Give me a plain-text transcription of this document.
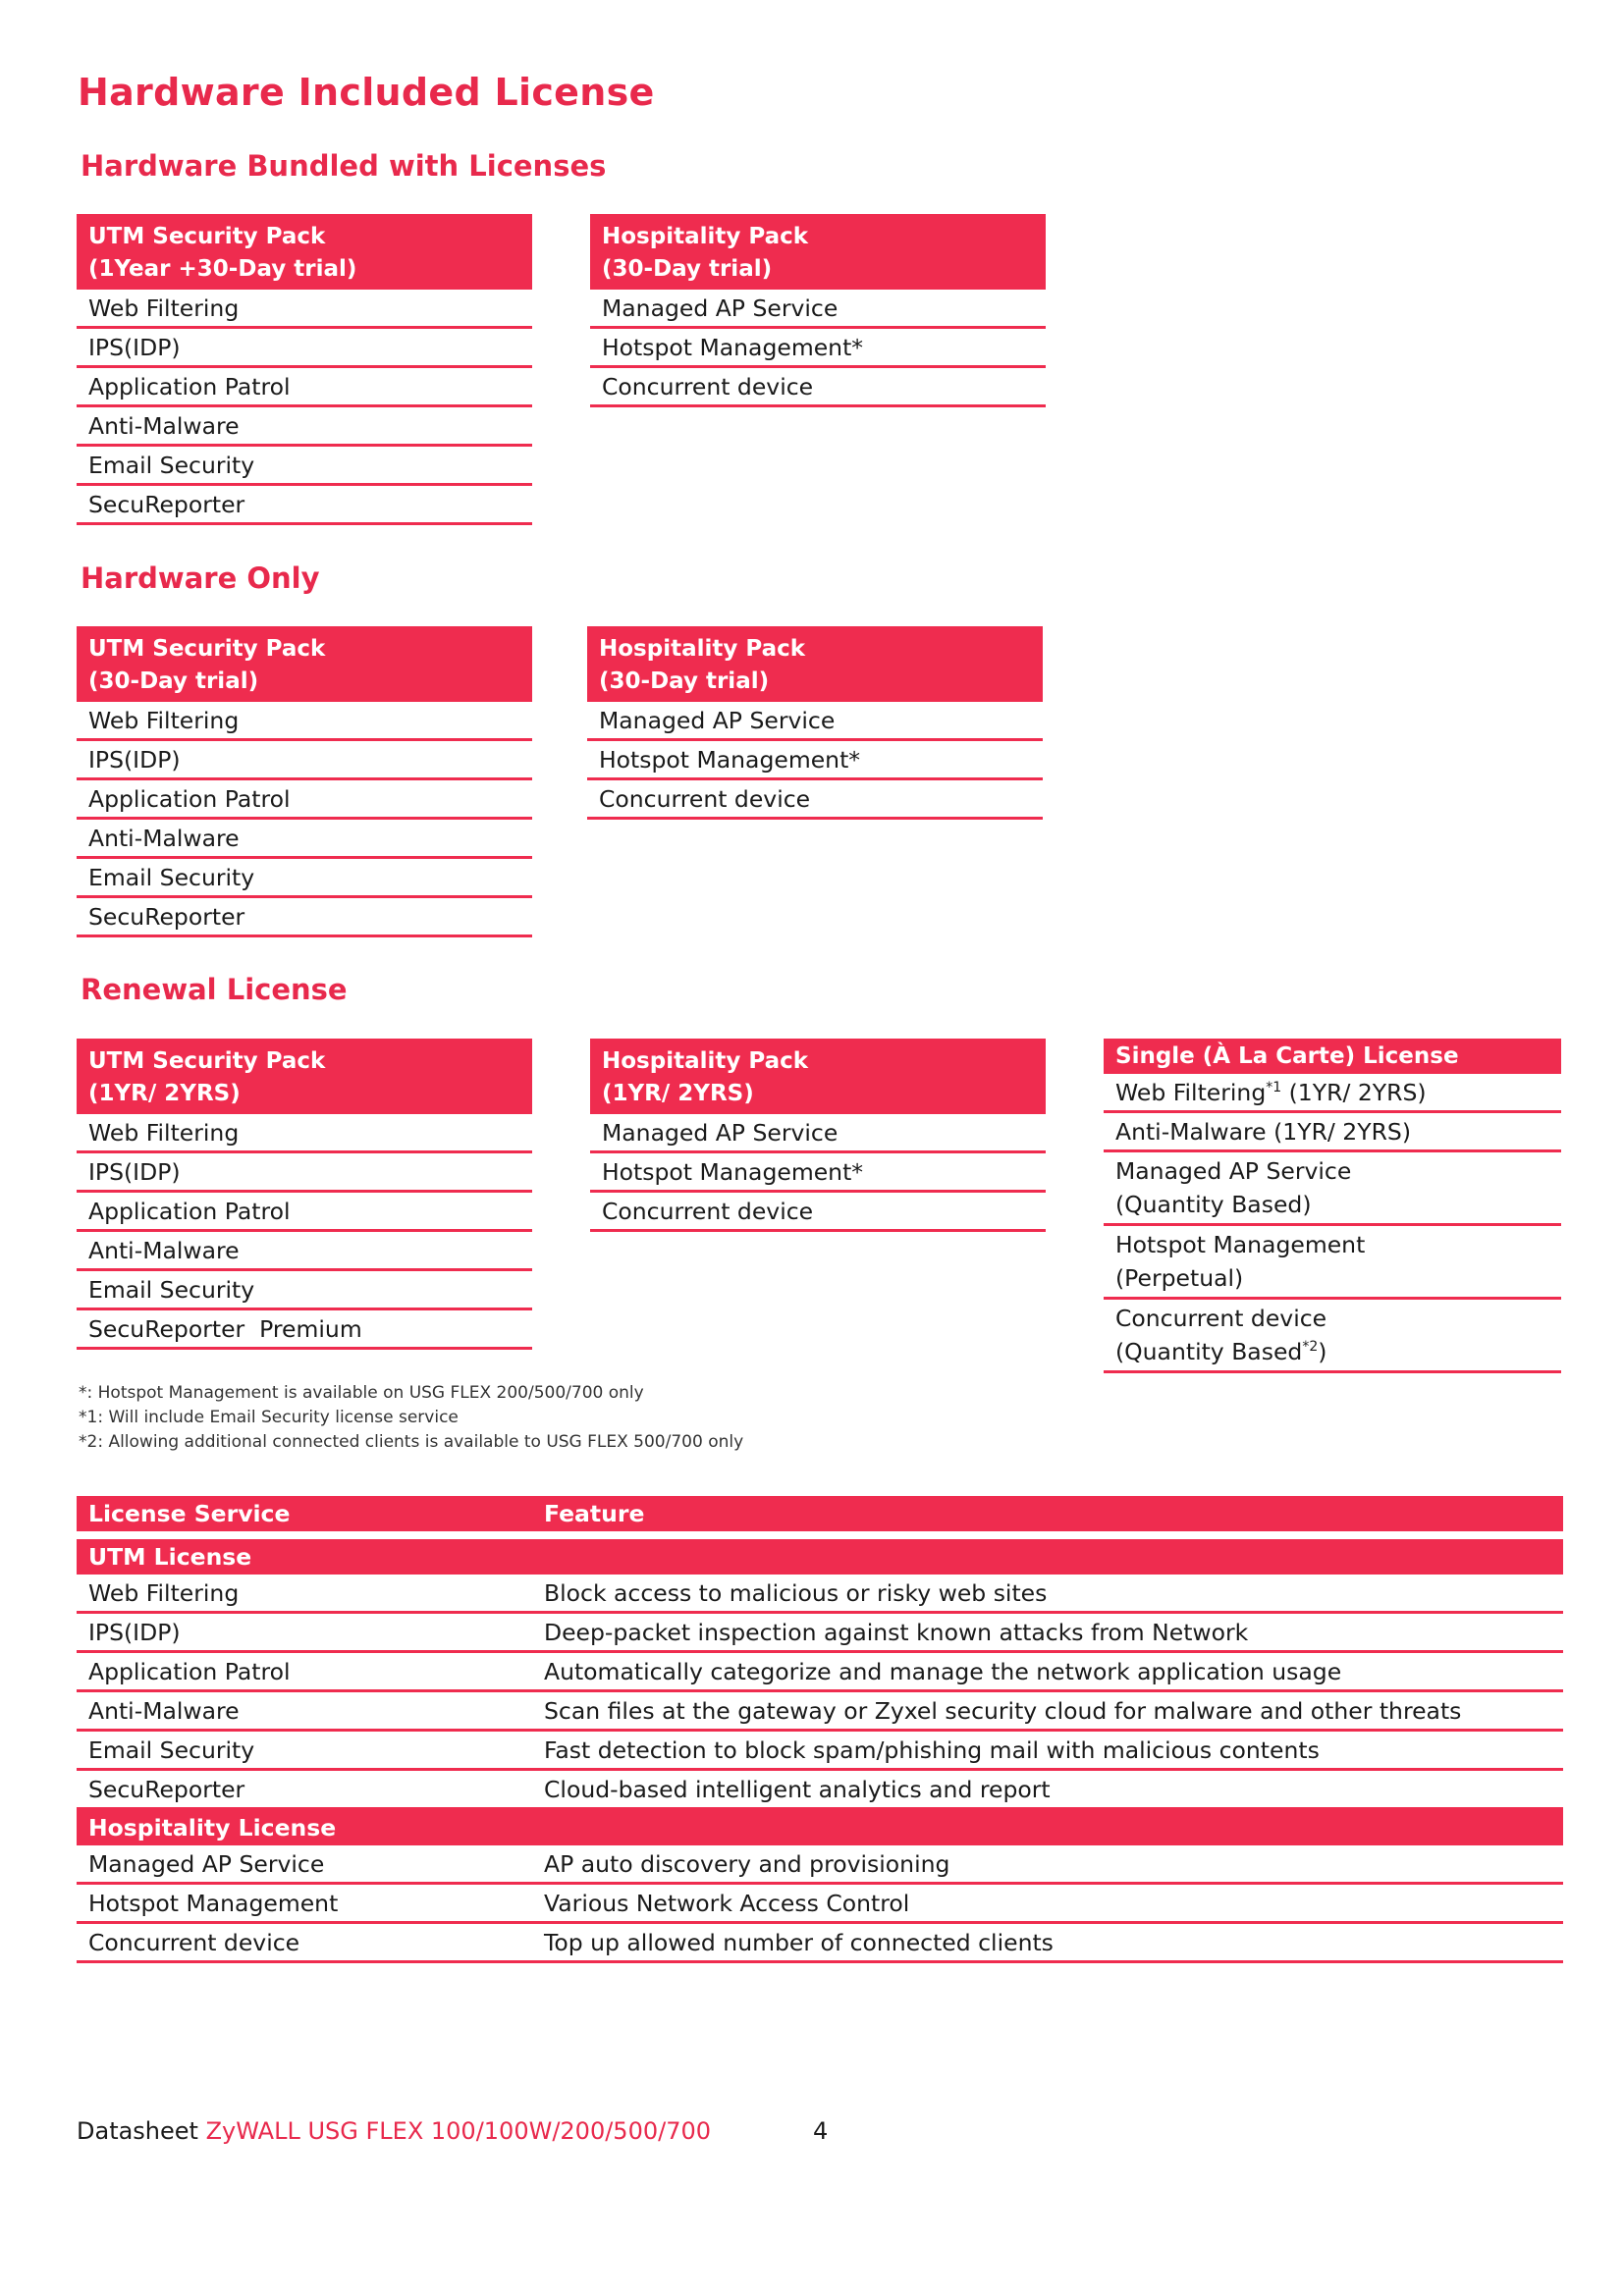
Hardware Included License
Hardware Bundled with Licenses
UTM Security Pack
(1Year +30-Day trial)
Web Filtering
IPS(IDP)
Application Patrol
Anti-Malware
Email Security
SecuReporter
Hospitality Pack
(30-Day trial)
Managed AP Service
Hotspot Management*
Concurrent device
Hardware Only
UTM Security Pack
(30-Day trial)
Web Filtering
IPS(IDP)
Application Patrol
Anti-Malware
Email Security
SecuReporter
Hospitality Pack
(30-Day trial)
Managed AP Service
Hotspot Management*
Concurrent device
Renewal License
UTM Security Pack
(1YR/ 2YRS)
Web Filtering
IPS(IDP)
Application Patrol
Anti-Malware
Email Security
SecuReporter  Premium
Hospitality Pack
(1YR/ 2YRS)
Managed AP Service
Hotspot Management*
Concurrent device
Single (À La Carte) License
Web Filtering$^{*1}$ (1YR/ 2YRS)
Anti-Malware (1YR/ 2YRS)
Managed AP Service
(Quantity Based)
Hotspot Management
(Perpetual)
Concurrent device
(Quantity Based$^{*2}$)
*: Hotspot Management is available on USG FLEX 200/500/700 only
*1: Will include Email Security license service
*2: Allowing additional connected clients is available to USG FLEX 500/700 only
License Service	Feature

UTM License	
Web Filtering	Block access to malicious or risky web sites
IPS(IDP)	Deep-packet inspection against known attacks from Network
Application Patrol	Automatically categorize and manage the network application usage
Anti-Malware	Scan files at the gateway or Zyxel security cloud for malware and other threats
Email Security	Fast detection to block spam/phishing mail with malicious contents
SecuReporter	Cloud-based intelligent analytics and report
Hospitality License	
Managed AP Service	AP auto discovery and provisioning
Hotspot Management	Various Network Access Control
Concurrent device	Top up allowed number of connected clients
Datasheet ZyWALL USG FLEX 100/100W/200/500/700	4
